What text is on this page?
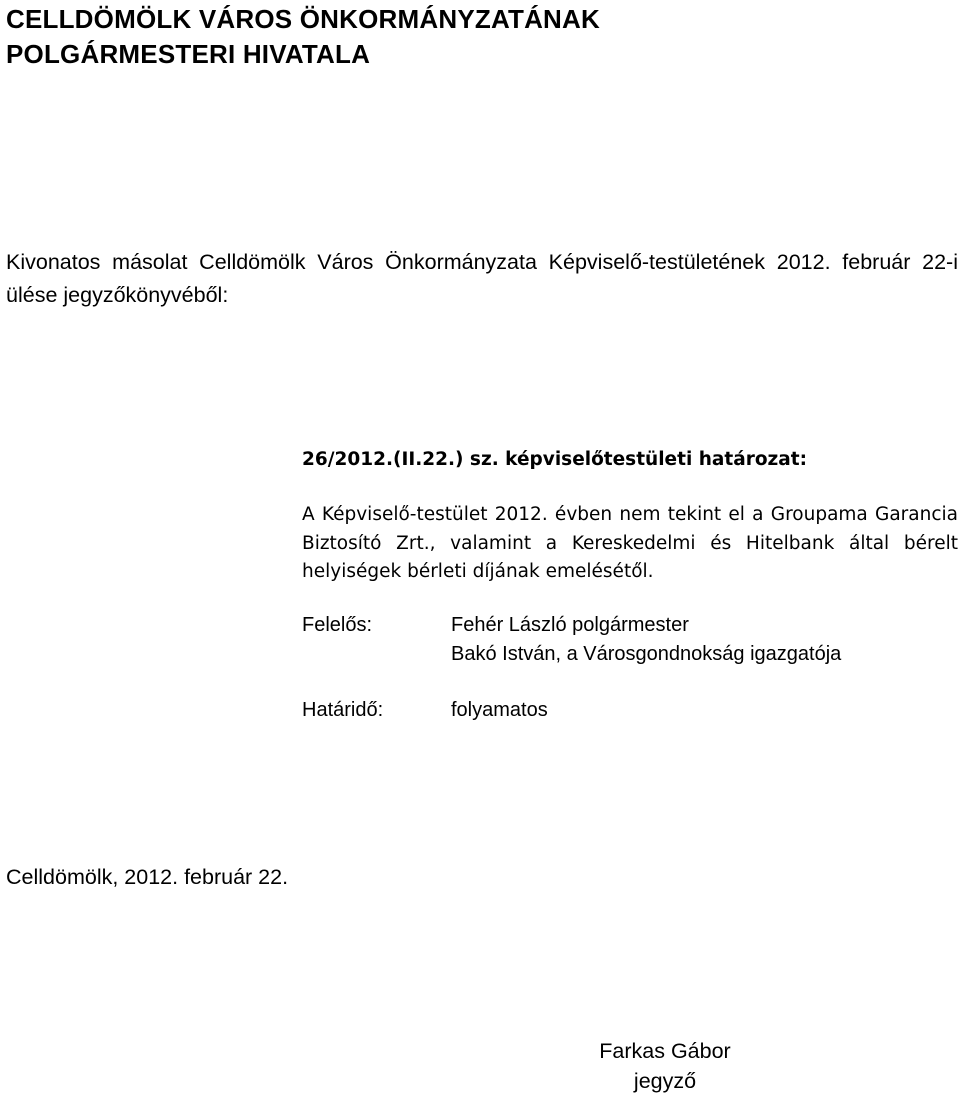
CELLDÖMÖLK VÁROS ÖNKORMÁNYZATÁNAK
POLGÁRMESTERI HIVATALA
Kivonatos másolat Celldömölk Város Önkormányzata Képviselő-testületének 2012. február 22-i ülése jegyzőkönyvéből:
26/2012.(II.22.) sz. képviselőtestületi határozat:
A Képviselő-testület 2012. évben nem tekint el a Groupama Garancia Biztosító Zrt., valamint a Kereskedelmi és Hitelbank által bérelt helyiségek bérleti díjának emelésétől.
Felelős:	Fehér László polgármester
Bakó István, a Városgondnokság igazgatója
Határidő:	folyamatos
Celldömölk, 2012. február 22.
Farkas Gábor
jegyző
